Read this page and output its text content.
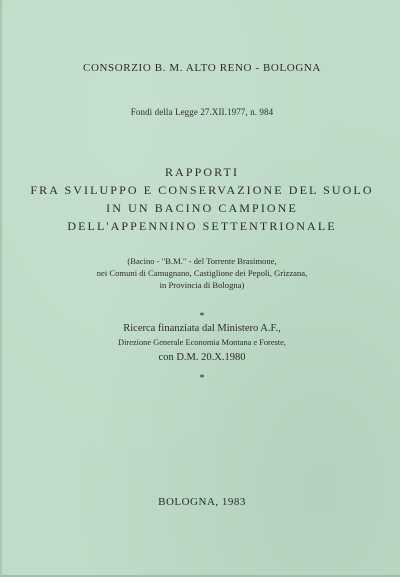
CONSORZIO B. M. ALTO RENO - BOLOGNA
Fondi della Legge 27.XII.1977, n. 984
RAPPORTI
FRA SVILUPPO E CONSERVAZIONE DEL SUOLO
IN UN BACINO CAMPIONE
DELL'APPENNINO SETTENTRIONALE
(Bacino - "B.M." - del Torrente Brasimone,
nei Comuni di Camugnano, Castiglione dei Pepoli, Grizzana,
in Provincia di Bologna)
*
Ricerca finanziata dal Ministero A.F.,
Direzione Generale Economia Montana e Foreste,
con D.M. 20.X.1980
*
BOLOGNA, 1983
